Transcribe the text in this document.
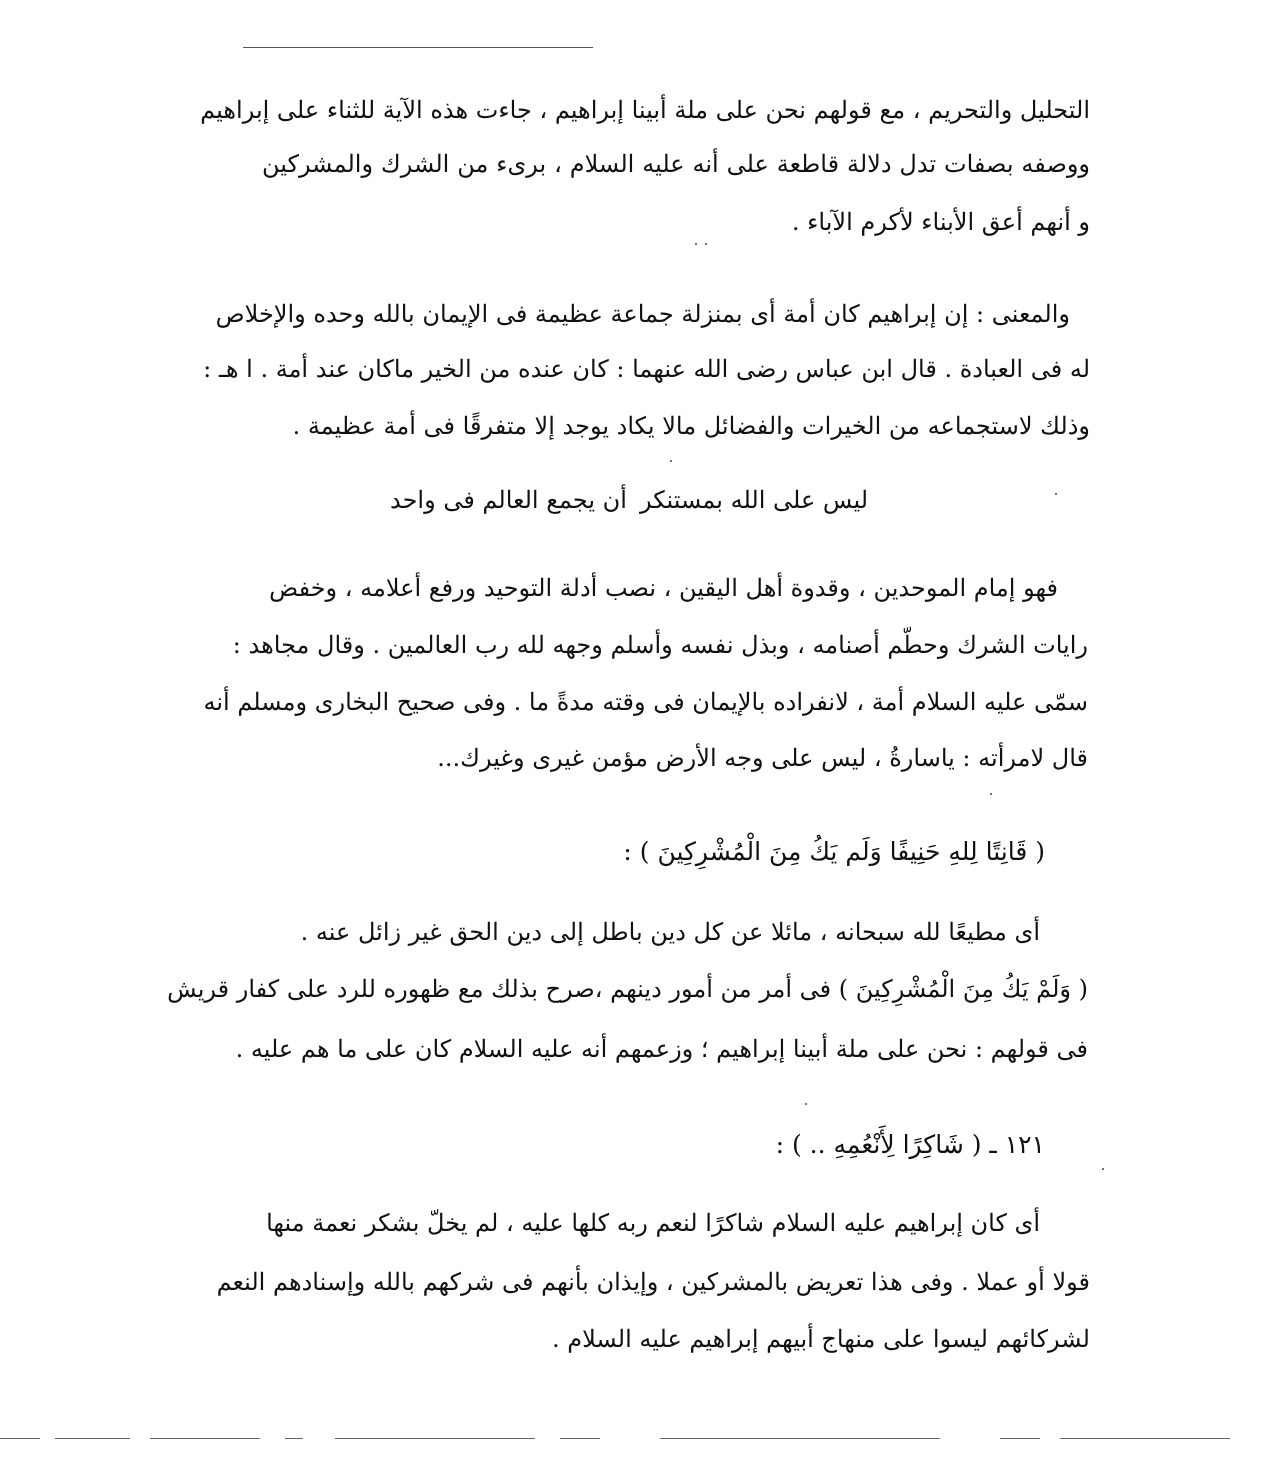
التحليل والتحريم ، مع قولهم نحن على ملة أبينا إبراهيم ، جاءت هذه الآية للثناء على إبراهيم
ووصفه بصفات تدل دلالة قاطعة على أنه عليه السلام ، برىء من الشرك والمشركين
و أنهم أعق الأبناء لأكرم الآباء .
والمعنى : إن إبراهيم كان أمة أى بمنزلة جماعة عظيمة فى الإيمان بالله وحده والإخلاص
له فى العبادة . قال ابن عباس رضى الله عنهما : كان عنده من الخير ماكان عند أمة . ا هـ :
وذلك لاستجماعه من الخيرات والفضائل مالا يكاد يوجد إلا متفرقًا فى أمة عظيمة .
ليس على الله بمستنكر
أن يجمع العالم فى واحد
فهو إمام الموحدين ، وقدوة أهل اليقين ، نصب أدلة التوحيد ورفع أعلامه ، وخفض
رايات الشرك وحطّم أصنامه ، وبذل نفسه وأسلم وجهه لله رب العالمين . وقال مجاهد :
سمّى عليه السلام أمة ، لانفراده بالإيمان فى وقته مدةً ما . وفى صحيح البخارى ومسلم أنه
قال لامرأته : ياسارةُ ، ليس على وجه الأرض مؤمن غيرى وغيرك...
( قَانِتًا لِلهِ حَنِيفًا وَلَم يَكُ مِنَ الْمُشْرِكِينَ ) :
أى مطيعًا لله سبحانه ، مائلا عن كل دين باطل إلى دين الحق غير زائل عنه .
( وَلَمْ يَكُ مِنَ الْمُشْرِكِينَ ) فى أمر من أمور دينهم ،صرح بذلك مع ظهوره للرد على كفار قريش
فى قولهم : نحن على ملة أبينا إبراهيم ؛ وزعمهم أنه عليه السلام كان على ما هم عليه .
١٢١ ـ ( شَاكِرًا لِأَنْعُمِهِ .. ) :
أى كان إبراهيم عليه السلام شاكرًا لنعم ربه كلها عليه ، لم يخلّ بشكر نعمة منها
قولا أو عملا . وفى هذا تعريض بالمشركين ، وإيذان بأنهم فى شركهم بالله وإسنادهم النعم
لشركائهم ليسوا على منهاج أبيهم إبراهيم عليه السلام .
